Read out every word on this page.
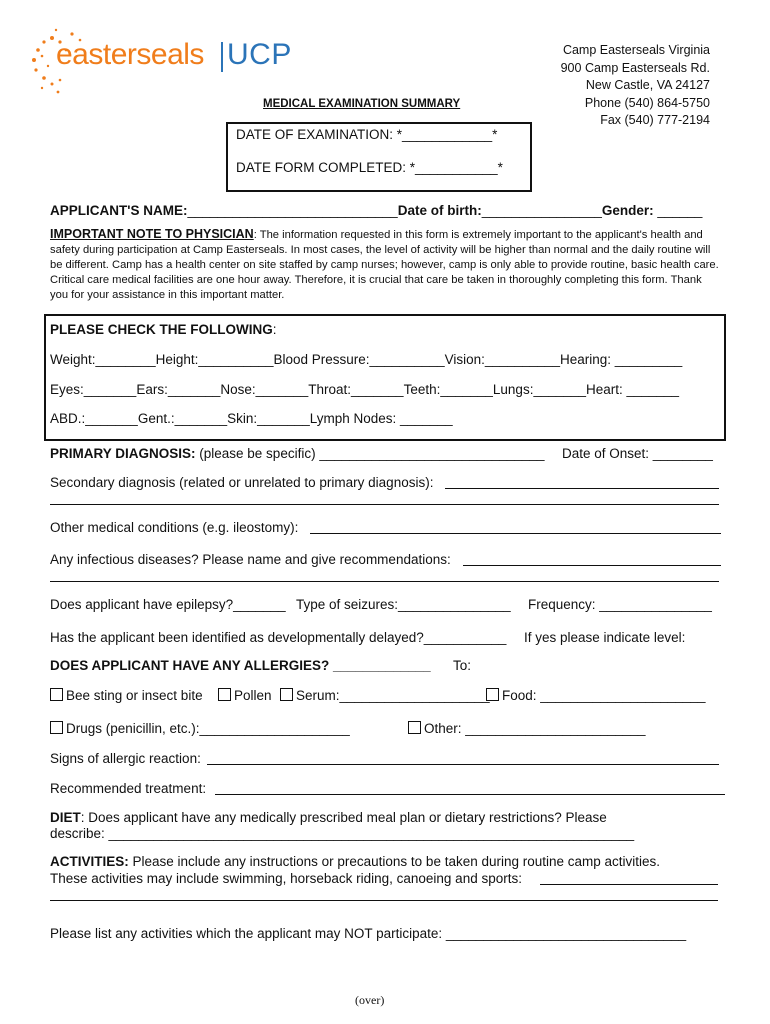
easterseals UCP	Camp Easterseals Virginia
900 Camp Easterseals Rd.
New Castle, VA 24127
Phone (540) 864-5750
Fax (540) 777-2194
MEDICAL EXAMINATION SUMMARY
DATE OF EXAMINATION: *____________*
DATE FORM COMPLETED: *___________*
APPLICANT'S NAME:____________________________Date of birth:________________Gender: ______
IMPORTANT NOTE TO PHYSICIAN: The information requested in this form is extremely important to the applicant's health and safety during participation at Camp Easterseals. In most cases, the level of activity will be higher than normal and the daily routine will be different. Camp has a health center on site staffed by camp nurses; however, camp is only able to provide routine, basic health care. Critical care medical facilities are one hour away. Therefore, it is crucial that care be taken in thoroughly completing this form. Thank you for your assistance in this important matter.
PLEASE CHECK THE FOLLOWING:
Weight:________Height:__________Blood Pressure:__________Vision:__________Hearing: _________
Eyes:_______Ears:_______Nose:_______Throat:_______Teeth:_______Lungs:_______Heart: _______
ABD.:_______Gent.:_______Skin:_______Lymph Nodes: _______
PRIMARY DIAGNOSIS: (please be specific) ______________________________ Date of Onset: ________
Secondary diagnosis (related or unrelated to primary diagnosis):
Other medical conditions (e.g. ileostomy):
Any infectious diseases? Please name and give recommendations:
Does applicant have epilepsy?_______ Type of seizures:_______________ Frequency: _______________
Has the applicant been identified as developmentally delayed?___________ If yes please indicate level:
DOES APPLICANT HAVE ANY ALLERGIES? _____________ To:
Bee sting or insect bite	Pollen	Serum:____________________ Food: ______________________
Drugs (penicillin, etc.):____________________	Other: ________________________
Signs of allergic reaction:
Recommended treatment:
DIET: Does applicant have any medically prescribed meal plan or dietary restrictions? Please
describe: ______________________________________________________________________
ACTIVITIES: Please include any instructions or precautions to be taken during routine camp activities.
These activities may include swimming, horseback riding, canoeing and sports:
Please list any activities which the applicant may NOT participate: ________________________________
(over)
